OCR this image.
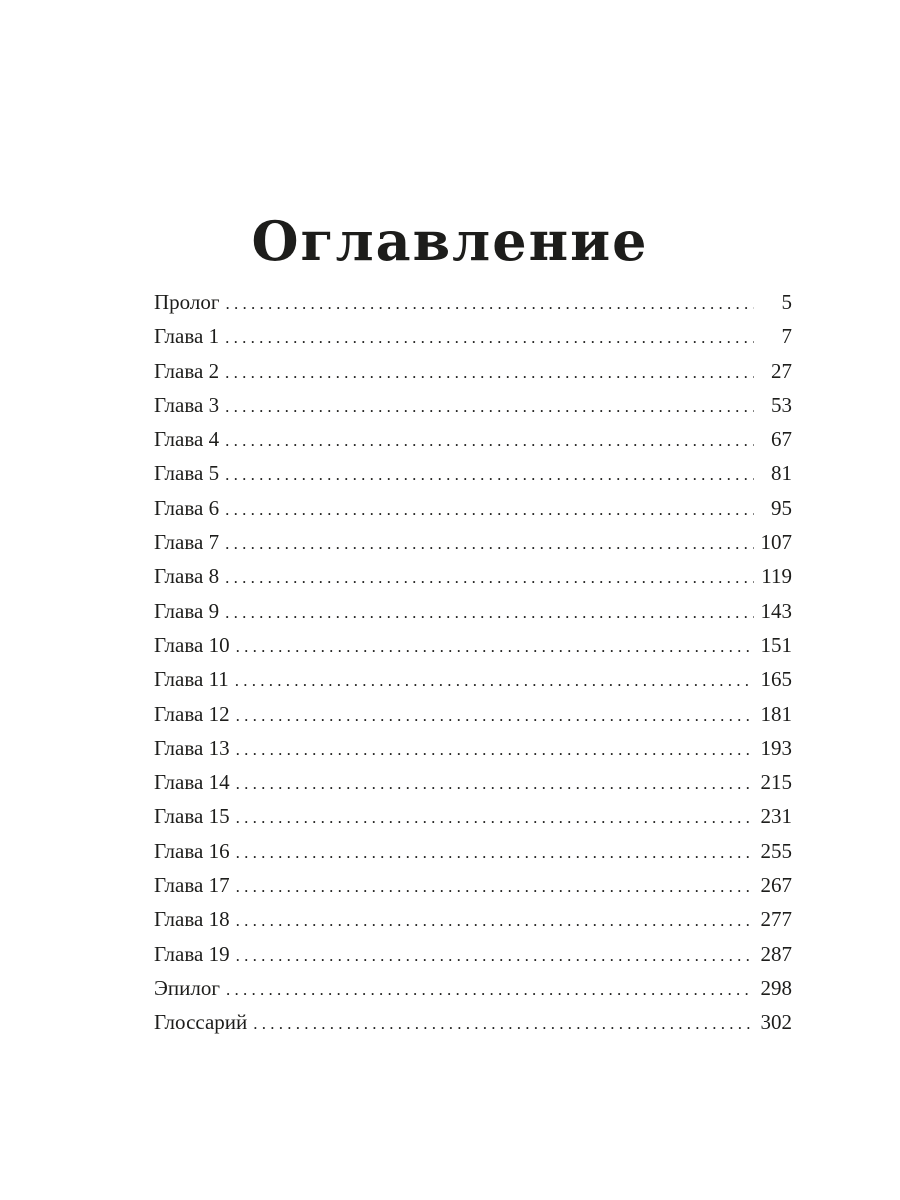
Оглавление
Пролог . . .	5
Глава 1 . . .	7
Глава 2 . . .	27
Глава 3 . . .	53
Глава 4 . . .	67
Глава 5 . . .	81
Глава 6 . . .	95
Глава 7 . . .	107
Глава 8 . . .	119
Глава 9 . . .	143
Глава 10 . . .	151
Глава 11 . . .	165
Глава 12 . . .	181
Глава 13 . . .	193
Глава 14 . . .	215
Глава 15 . . .	231
Глава 16 . . .	255
Глава 17 . . .	267
Глава 18 . . .	277
Глава 19 . . .	287
Эпилог . . .	298
Глоссарий . . .	302
